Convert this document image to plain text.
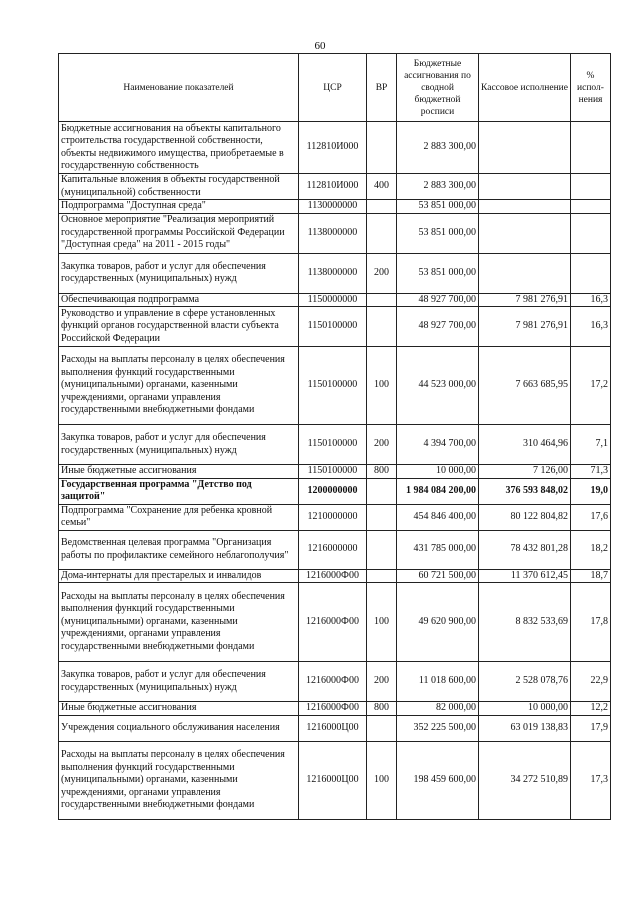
60
Наименование показателей	ЦСР	ВР	Бюджетные ассигнования по сводной бюджетной росписи	Кассовое исполнение	% испол-нения
Бюджетные ассигнования на объекты капитального строительства государственной собственности, объекты недвижимого имущества, приобретаемые в государственную собственность	112810И000		2 883 300,00		
Капитальные вложения в объекты государственной (муниципальной) собственности	112810И000	400	2 883 300,00		
Подпрограмма "Доступная среда"	1130000000		53 851 000,00		
Основное мероприятие "Реализация мероприятий государственной программы Российской Федерации "Доступная среда" на 2011 - 2015 годы"	1138000000		53 851 000,00		
Закупка товаров, работ и услуг для обеспечения государственных (муниципальных) нужд	1138000000	200	53 851 000,00		
Обеспечивающая подпрограмма	1150000000		48 927 700,00	7 981 276,91	16,3
Руководство и управление в сфере установленных функций органов государственной власти субъекта Российской Федерации	1150100000		48 927 700,00	7 981 276,91	16,3
Расходы на выплаты персоналу в целях обеспечения выполнения функций государственными (муниципальными) органами, казенными учреждениями, органами управления государственными внебюджетными фондами	1150100000	100	44 523 000,00	7 663 685,95	17,2
Закупка товаров, работ и услуг для обеспечения государственных (муниципальных) нужд	1150100000	200	4 394 700,00	310 464,96	7,1
Иные бюджетные ассигнования	1150100000	800	10 000,00	7 126,00	71,3
Государственная программа "Детство под защитой"	1200000000		1 984 084 200,00	376 593 848,02	19,0
Подпрограмма "Сохранение для ребенка кровной семьи"	1210000000		454 846 400,00	80 122 804,82	17,6
Ведомственная целевая программа "Организация работы по профилактике семейного неблагополучия"	1216000000		431 785 000,00	78 432 801,28	18,2
Дома-интернаты для престарелых и инвалидов	1216000Ф00		60 721 500,00	11 370 612,45	18,7
Расходы на выплаты персоналу в целях обеспечения выполнения функций государственными (муниципальными) органами, казенными учреждениями, органами управления государственными внебюджетными фондами	1216000Ф00	100	49 620 900,00	8 832 533,69	17,8
Закупка товаров, работ и услуг для обеспечения государственных (муниципальных) нужд	1216000Ф00	200	11 018 600,00	2 528 078,76	22,9
Иные бюджетные ассигнования	1216000Ф00	800	82 000,00	10 000,00	12,2
Учреждения социального обслуживания населения	1216000Ц00		352 225 500,00	63 019 138,83	17,9
Расходы на выплаты персоналу в целях обеспечения выполнения функций государственными (муниципальными) органами, казенными учреждениями, органами управления государственными внебюджетными фондами	1216000Ц00	100	198 459 600,00	34 272 510,89	17,3
